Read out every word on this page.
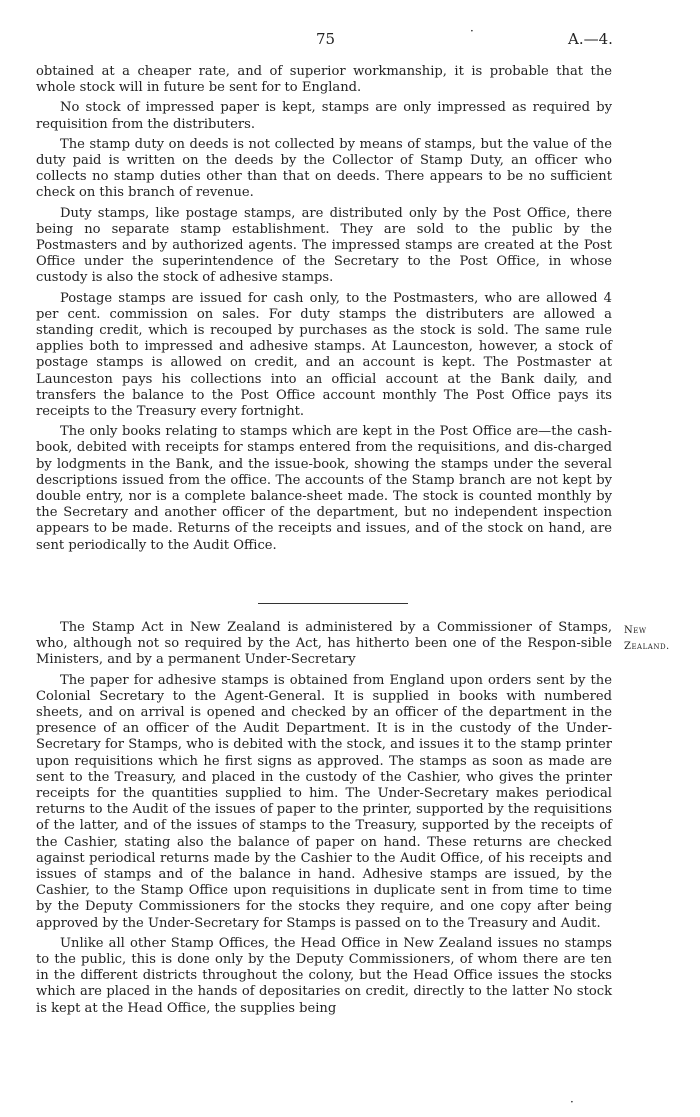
75	·	A.—4.

obtained at a cheaper rate, and of superior workmanship, it is probable that the whole stock will in future be sent for to England.

No stock of impressed paper is kept, stamps are only impressed as required by requisition from the distributers.

The stamp duty on deeds is not collected by means of stamps, but the value of the duty paid is written on the deeds by the Collector of Stamp Duty, an officer who collects no stamp duties other than that on deeds. There appears to be no sufficient check on this branch of revenue.

Duty stamps, like postage stamps, are distributed only by the Post Office, there being no separate stamp establishment. They are sold to the public by the Postmasters and by authorized agents. The impressed stamps are created at the Post Office under the superintendence of the Secretary to the Post Office, in whose custody is also the stock of adhesive stamps.

Postage stamps are issued for cash only, to the Postmasters, who are allowed 4 per cent. commission on sales. For duty stamps the distributers are allowed a standing credit, which is recouped by purchases as the stock is sold. The same rule applies both to impressed and adhesive stamps. At Launceston, however, a stock of postage stamps is allowed on credit, and an account is kept. The Postmaster at Launceston pays his collections into an official account at the Bank daily, and transfers the balance to the Post Office account monthly The Post Office pays its receipts to the Treasury every fortnight.

The only books relating to stamps which are kept in the Post Office are—the cash-book, debited with receipts for stamps entered from the requisitions, and dis-charged by lodgments in the Bank, and the issue-book, showing the stamps under the several descriptions issued from the office. The accounts of the Stamp branch are not kept by double entry, nor is a complete balance-sheet made. The stock is counted monthly by the Secretary and another officer of the department, but no independent inspection appears to be made. Returns of the receipts and issues, and of the stock on hand, are sent periodically to the Audit Office.

New
Zealand.

The Stamp Act in New Zealand is administered by a Commissioner of Stamps, who, although not so required by the Act, has hitherto been one of the Respon-sible Ministers, and by a permanent Under-Secretary

The paper for adhesive stamps is obtained from England upon orders sent by the Colonial Secretary to the Agent-General. It is supplied in books with numbered sheets, and on arrival is opened and checked by an officer of the department in the presence of an officer of the Audit Department. It is in the custody of the Under-Secretary for Stamps, who is debited with the stock, and issues it to the stamp printer upon requisitions which he first signs as approved. The stamps as soon as made are sent to the Treasury, and placed in the custody of the Cashier, who gives the printer receipts for the quantities supplied to him. The Under-Secretary makes periodical returns to the Audit of the issues of paper to the printer, supported by the requisitions of the latter, and of the issues of stamps to the Treasury, supported by the receipts of the Cashier, stating also the balance of paper on hand. These returns are checked against periodical returns made by the Cashier to the Audit Office, of his receipts and issues of stamps and of the balance in hand. Adhesive stamps are issued, by the Cashier, to the Stamp Office upon requisitions in duplicate sent in from time to time by the Deputy Commissioners for the stocks they require, and one copy after being approved by the Under-Secretary for Stamps is passed on to the Treasury and Audit.

Unlike all other Stamp Offices, the Head Office in New Zealand issues no stamps to the public, this is done only by the Deputy Commissioners, of whom there are ten in the different districts throughout the colony, but the Head Office issues the stocks which are placed in the hands of depositaries on credit, directly to the latter No stock is kept at the Head Office, the supplies being

·
